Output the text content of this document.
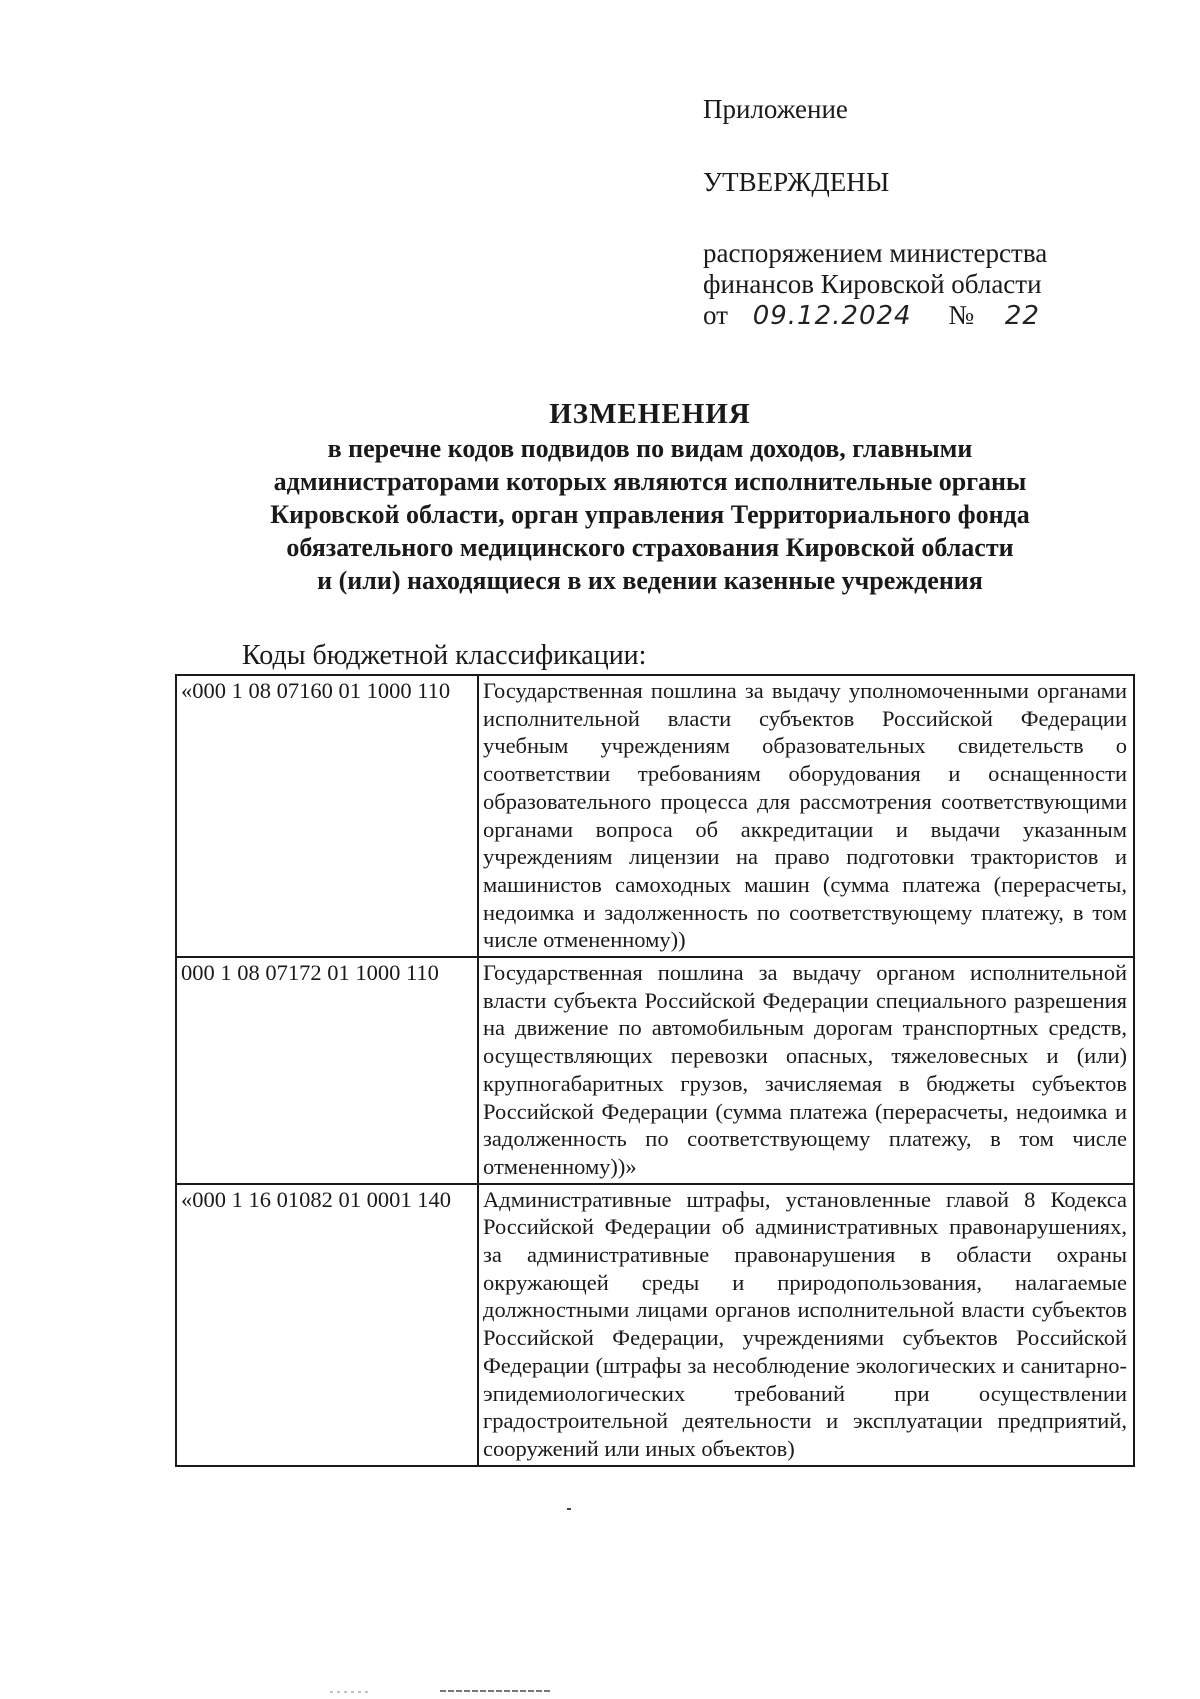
Приложение
УТВЕРЖДЕНЫ
распоряжением министерства
финансов Кировской области
от 09.12.2024 № 22
ИЗМЕНЕНИЯ
в перечне кодов подвидов по видам доходов, главными
администраторами которых являются исполнительные органы
Кировской области, орган управления Территориального фонда
обязательного медицинского страхования Кировской области
и (или) находящиеся в их ведении казенные учреждения
Коды бюджетной классификации:
«000 1 08 07160 01 1000 110	Государственная пошлина за выдачу уполномоченными органами исполнительной власти субъектов Российской Федерации учебным учреждениям образовательных свидетельств о соответствии требованиям оборудования и оснащенности образовательного процесса для рассмотрения соответствующими органами вопроса об аккредитации и выдачи указанным учреждениям лицензии на право подготовки трактористов и машинистов самоходных машин (сумма платежа (перерасчеты, недоимка и задолженность по соответствующему платежу, в том числе отмененному))
000 1 08 07172 01 1000 110	Государственная пошлина за выдачу органом исполнительной власти субъекта Российской Федерации специального разрешения на движение по автомобильным дорогам транспортных средств, осуществляющих перевозки опасных, тяжеловесных и (или) крупногабаритных грузов, зачисляемая в бюджеты субъектов Российской Федерации (сумма платежа (перерасчеты, недоимка и задолженность по соответствующему платежу, в том числе отмененному))»
«000 1 16 01082 01 0001 140	Административные штрафы, установленные главой 8 Кодекса Российской Федерации об административных правонарушениях, за административные правонарушения в области охраны окружающей среды и природопользования, налагаемые должностными лицами органов исполнительной власти субъектов Российской Федерации, учреждениями субъектов Российской Федерации (штрафы за несоблюдение экологических и санитарно-эпидемиологических требований при осуществлении градостроительной деятельности и эксплуатации предприятий, сооружений или иных объектов)
